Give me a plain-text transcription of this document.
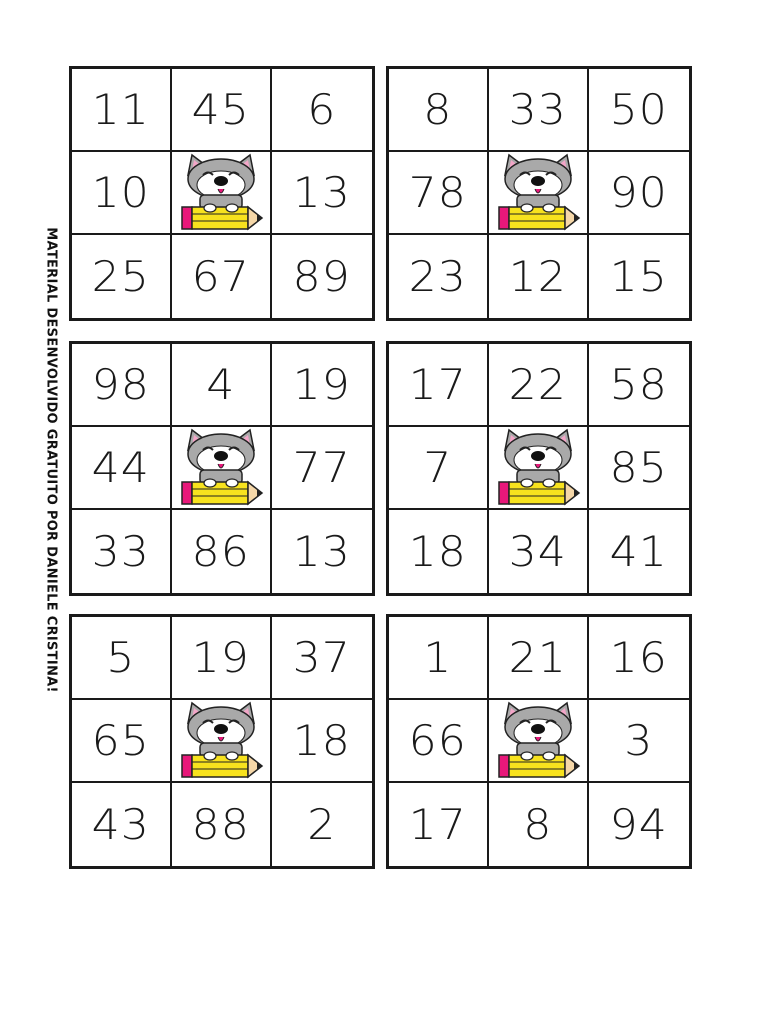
MATERIAL DESENVOLVIDO GRATUITO POR DANIELE CRISTINA!
11 45 6
10	13
25 67 89
8 33 50
78	90
23 12 15
98 4 19
44	77
33 86 13
17 22 58
7	85
18 34 41
5 19 37
65	18
43 88 2
1 21 16
66	3
17 8 94
